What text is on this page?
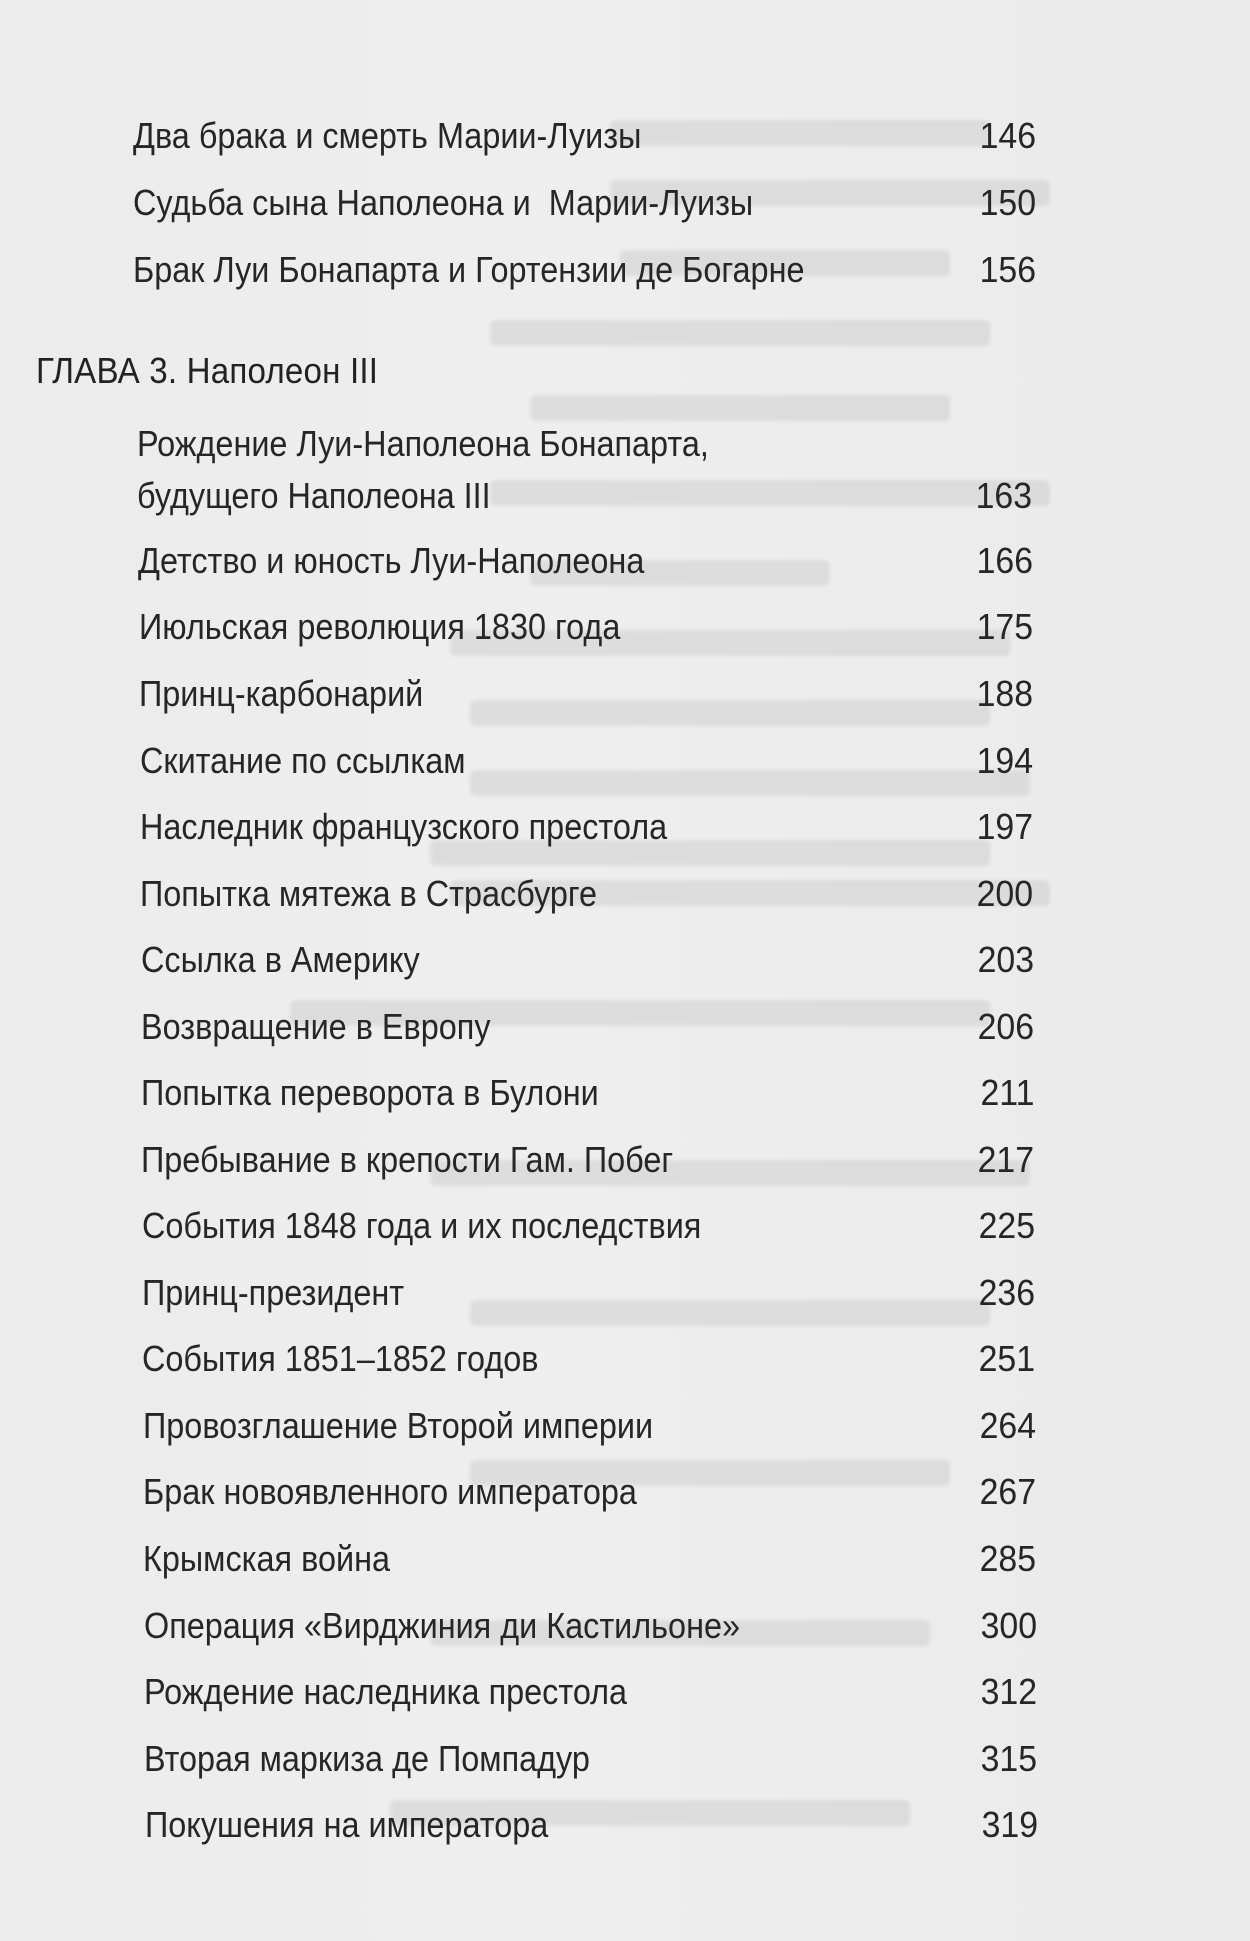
Два брака и смерть Марии-Луизы	146
Судьба сына Наполеона и  Марии-Луизы	150
Брак Луи Бонапарта и Гортензии де Богарне	156
ГЛАВА 3. Наполеон III
Рождение Луи-Наполеона Бонапарта,
будущего Наполеона III	163
Детство и юность Луи-Наполеона	166
Июльская революция 1830 года	175
Принц-карбонарий	188
Скитание по ссылкам	194
Наследник французского престола	197
Попытка мятежа в Страсбурге	200
Ссылка в Америку	203
Возвращение в Европу	206
Попытка переворота в Булони	211
Пребывание в крепости Гам. Побег	217
События 1848 года и их последствия	225
Принц-президент	236
События 1851–1852 годов	251
Провозглашение Второй империи	264
Брак новоявленного императора	267
Крымская война	285
Операция «Вирджиния ди Кастильоне»	300
Рождение наследника престола	312
Вторая маркиза де Помпадур	315
Покушения на императора	319
